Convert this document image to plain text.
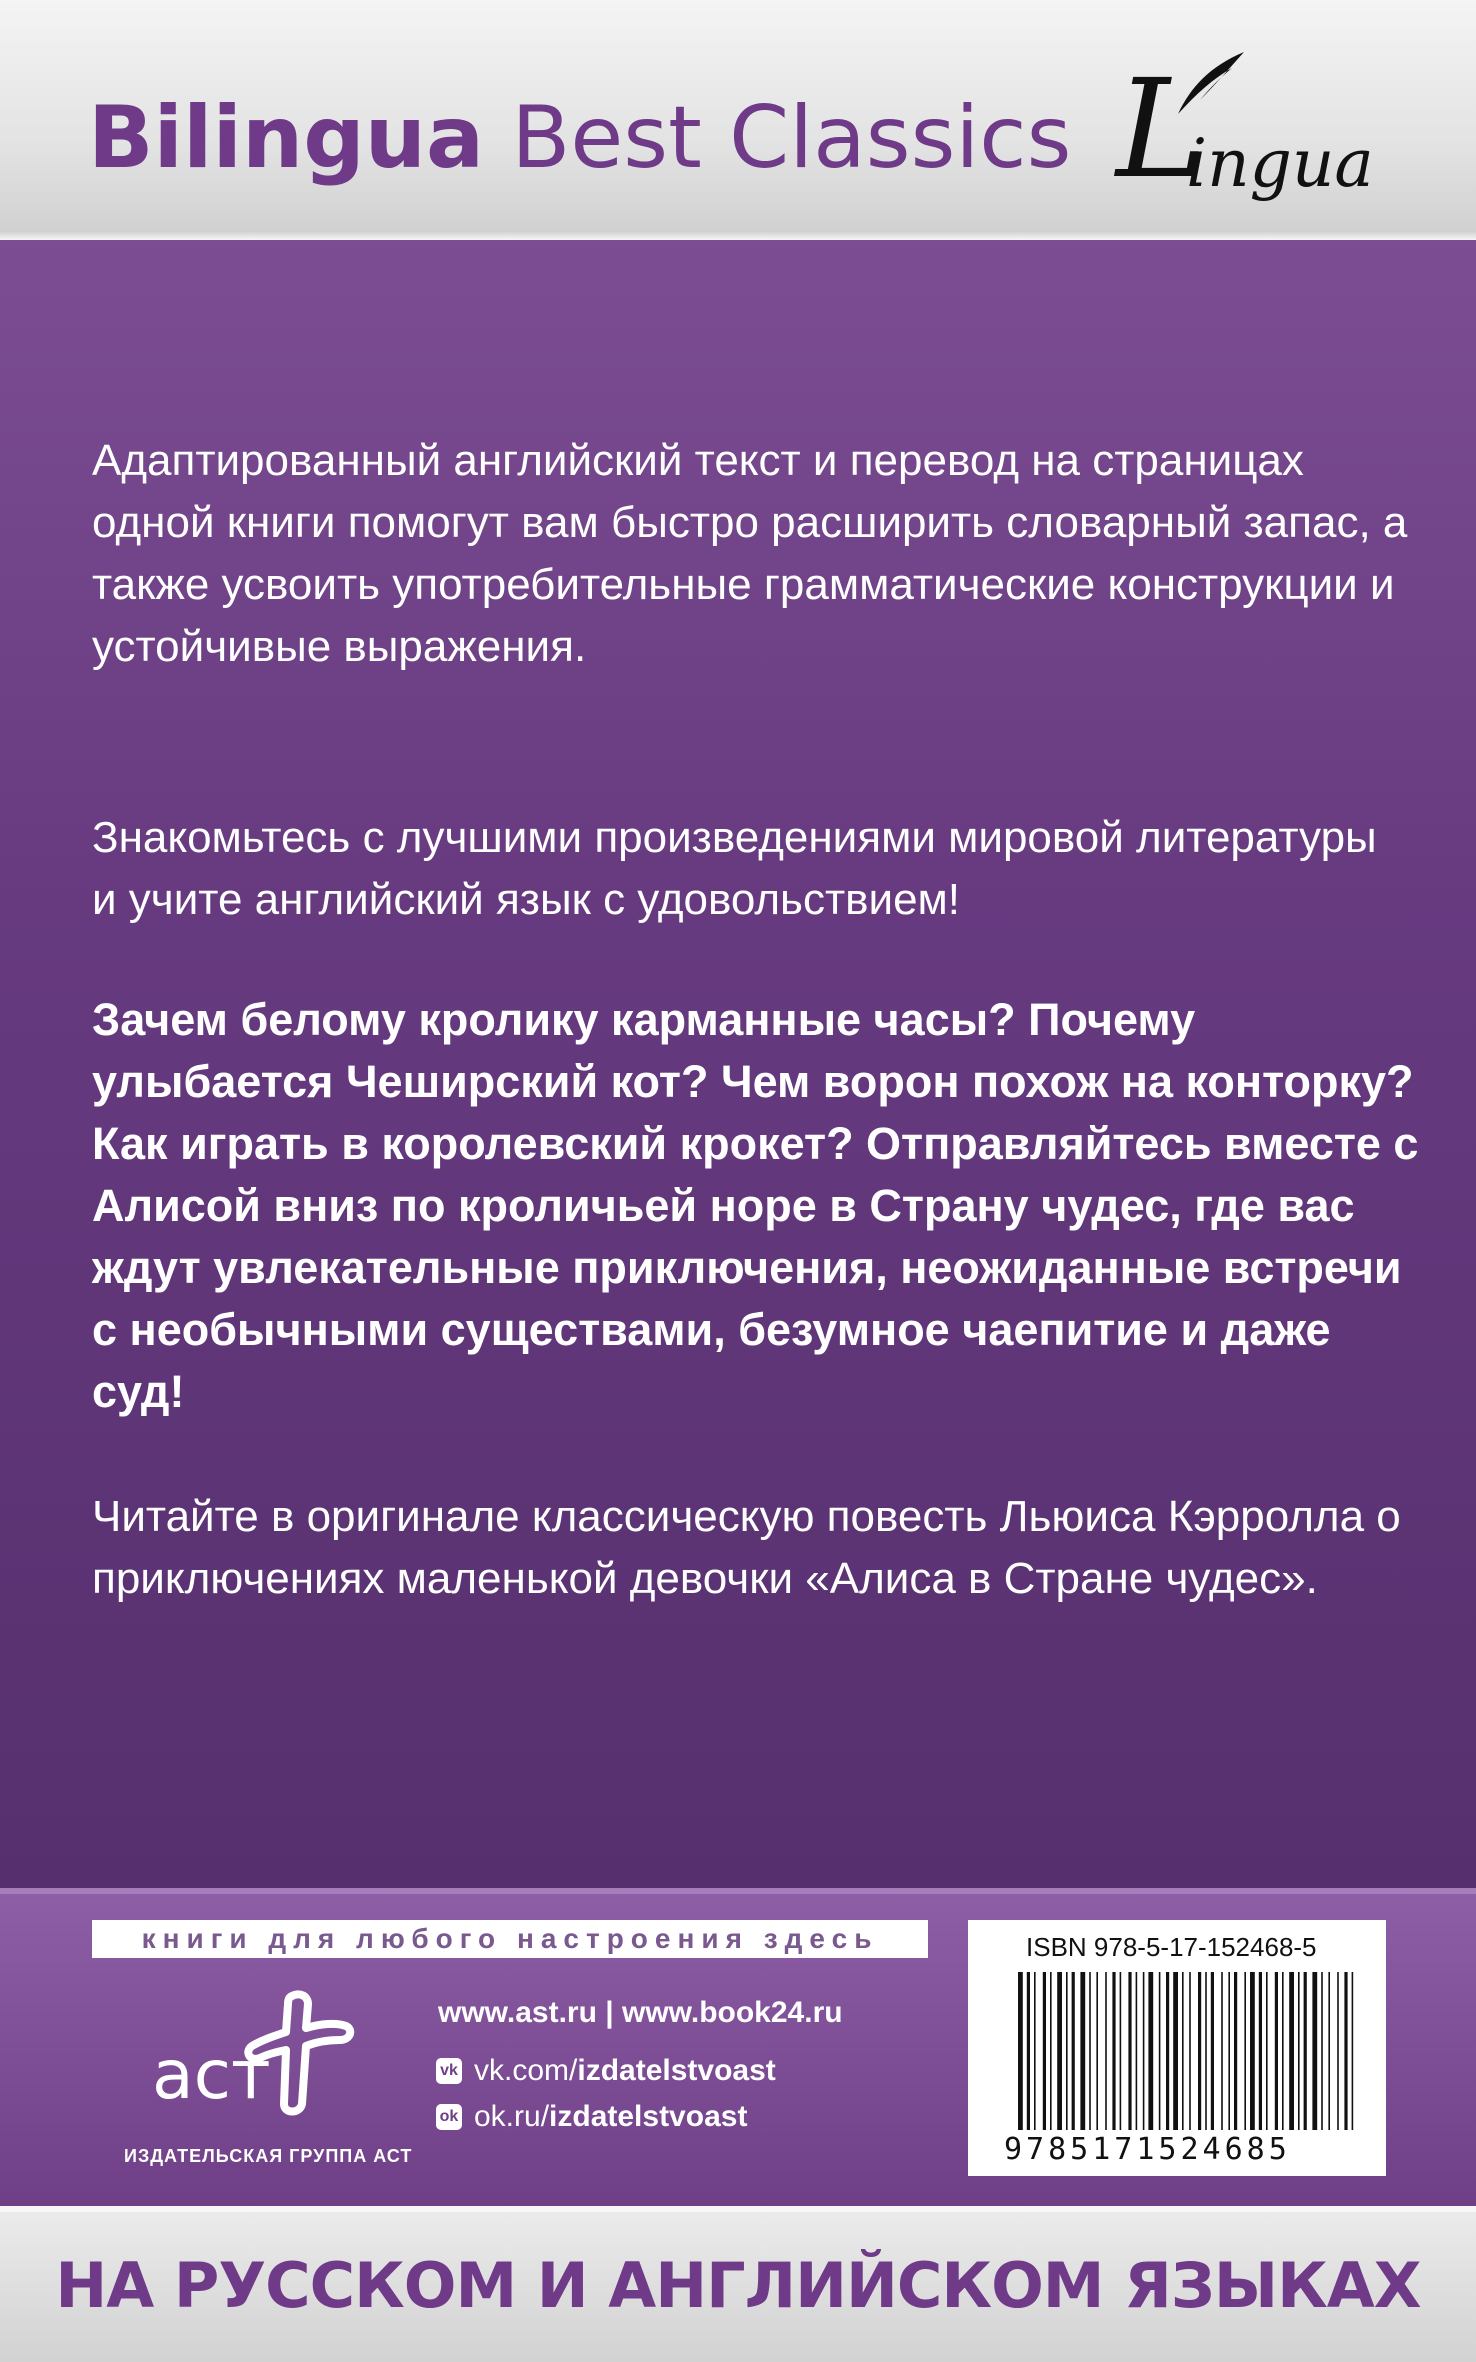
Bilingua Best Classics L
ingua

Адаптированный английский текст и перевод на страницах одной книги помогут вам быстро расширить словарный запас, а также усвоить употребительные грамматические конструкции и устойчивые выражения.

Знакомьтесь с лучшими произведениями мировой литературы и учите английский язык с удовольствием!

Зачем белому кролику карманные часы? Почему улыбается Чеширский кот? Чем ворон похож на конторку? Как играть в королевский крокет? Отправляйтесь вместе с Алисой вниз по кроличьей норе в Страну чудес, где вас ждут увлекательные приключения, неожиданные встречи с необычными существами, безумное чаепитие и даже суд!

Читайте в оригинале классическую повесть Льюиса Кэрролла о приключениях маленькой девочки «Алиса в Стране чудес».

книги для любого настроения здесь
аст
ИЗДАТЕЛЬСКАЯ ГРУППА АСТ
www.ast.ru | www.book24.ru
vk vk.com/ izdatelstvoast
ok ok.ru/ izdatelstvoast
ISBN 978-5-17-152468-5
9785171524685
НА РУССКОМ И АНГЛИЙСКОМ ЯЗЫКАХ
